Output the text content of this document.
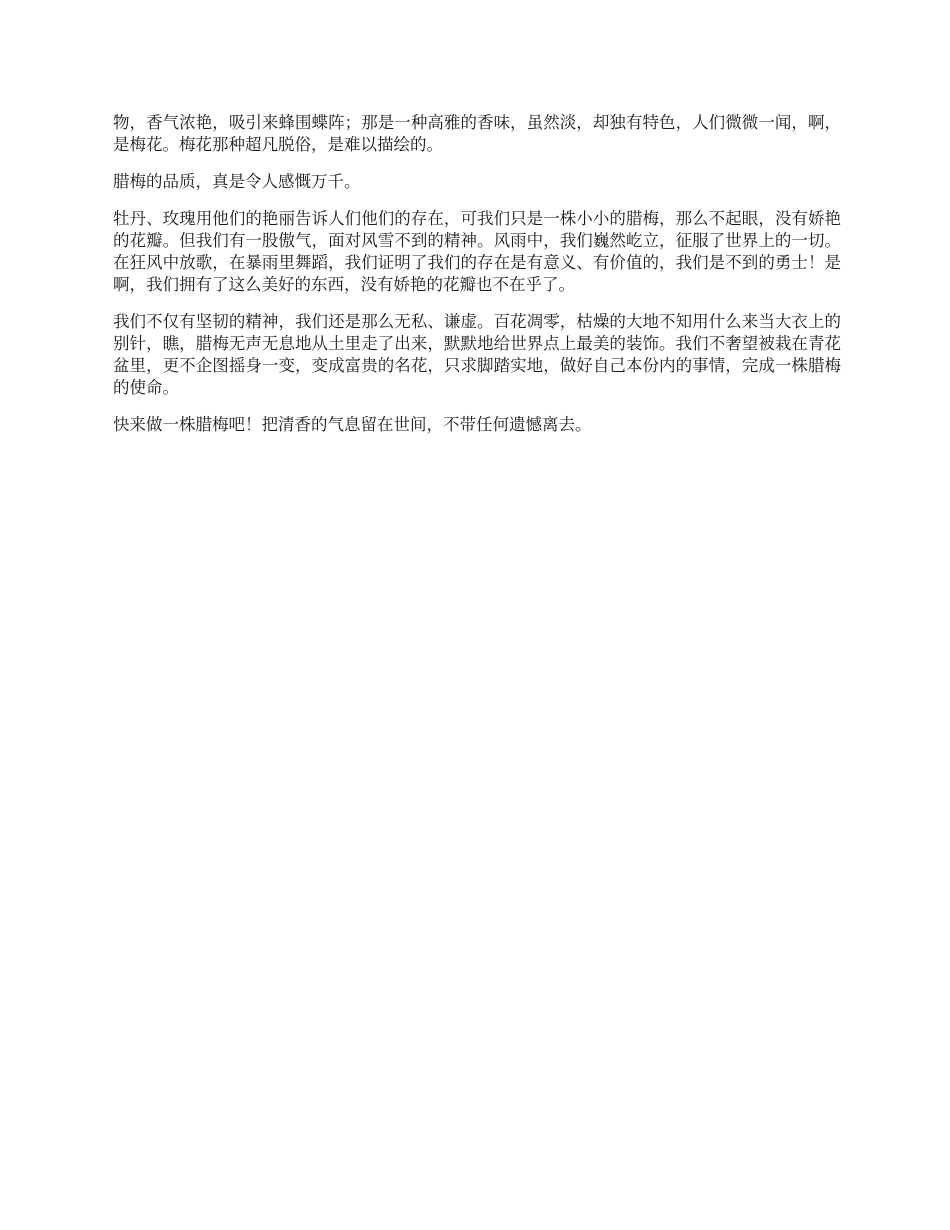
物，香气浓艳，吸引来蜂围蝶阵；那是一种高雅的香味，虽然淡，却独有特色，人们微微一闻，啊，是梅花。梅花那种超凡脱俗，是难以描绘的。

腊梅的品质，真是令人感慨万千。

牡丹、玫瑰用他们的艳丽告诉人们他们的存在，可我们只是一株小小的腊梅，那么不起眼，没有娇艳的花瓣。但我们有一股傲气，面对风雪不到的精神。风雨中，我们巍然屹立，征服了世界上的一切。在狂风中放歌，在暴雨里舞蹈，我们证明了我们的存在是有意义、有价值的，我们是不到的勇士！是啊，我们拥有了这么美好的东西，没有娇艳的花瓣也不在乎了。

我们不仅有坚韧的精神，我们还是那么无私、谦虚。百花凋零，枯燥的大地不知用什么来当大衣上的别针，瞧，腊梅无声无息地从土里走了出来，默默地给世界点上最美的装饰。我们不奢望被栽在青花盆里，更不企图摇身一变，变成富贵的名花，只求脚踏实地，做好自己本份内的事情，完成一株腊梅的使命。

快来做一株腊梅吧！把清香的气息留在世间，不带任何遗憾离去。
